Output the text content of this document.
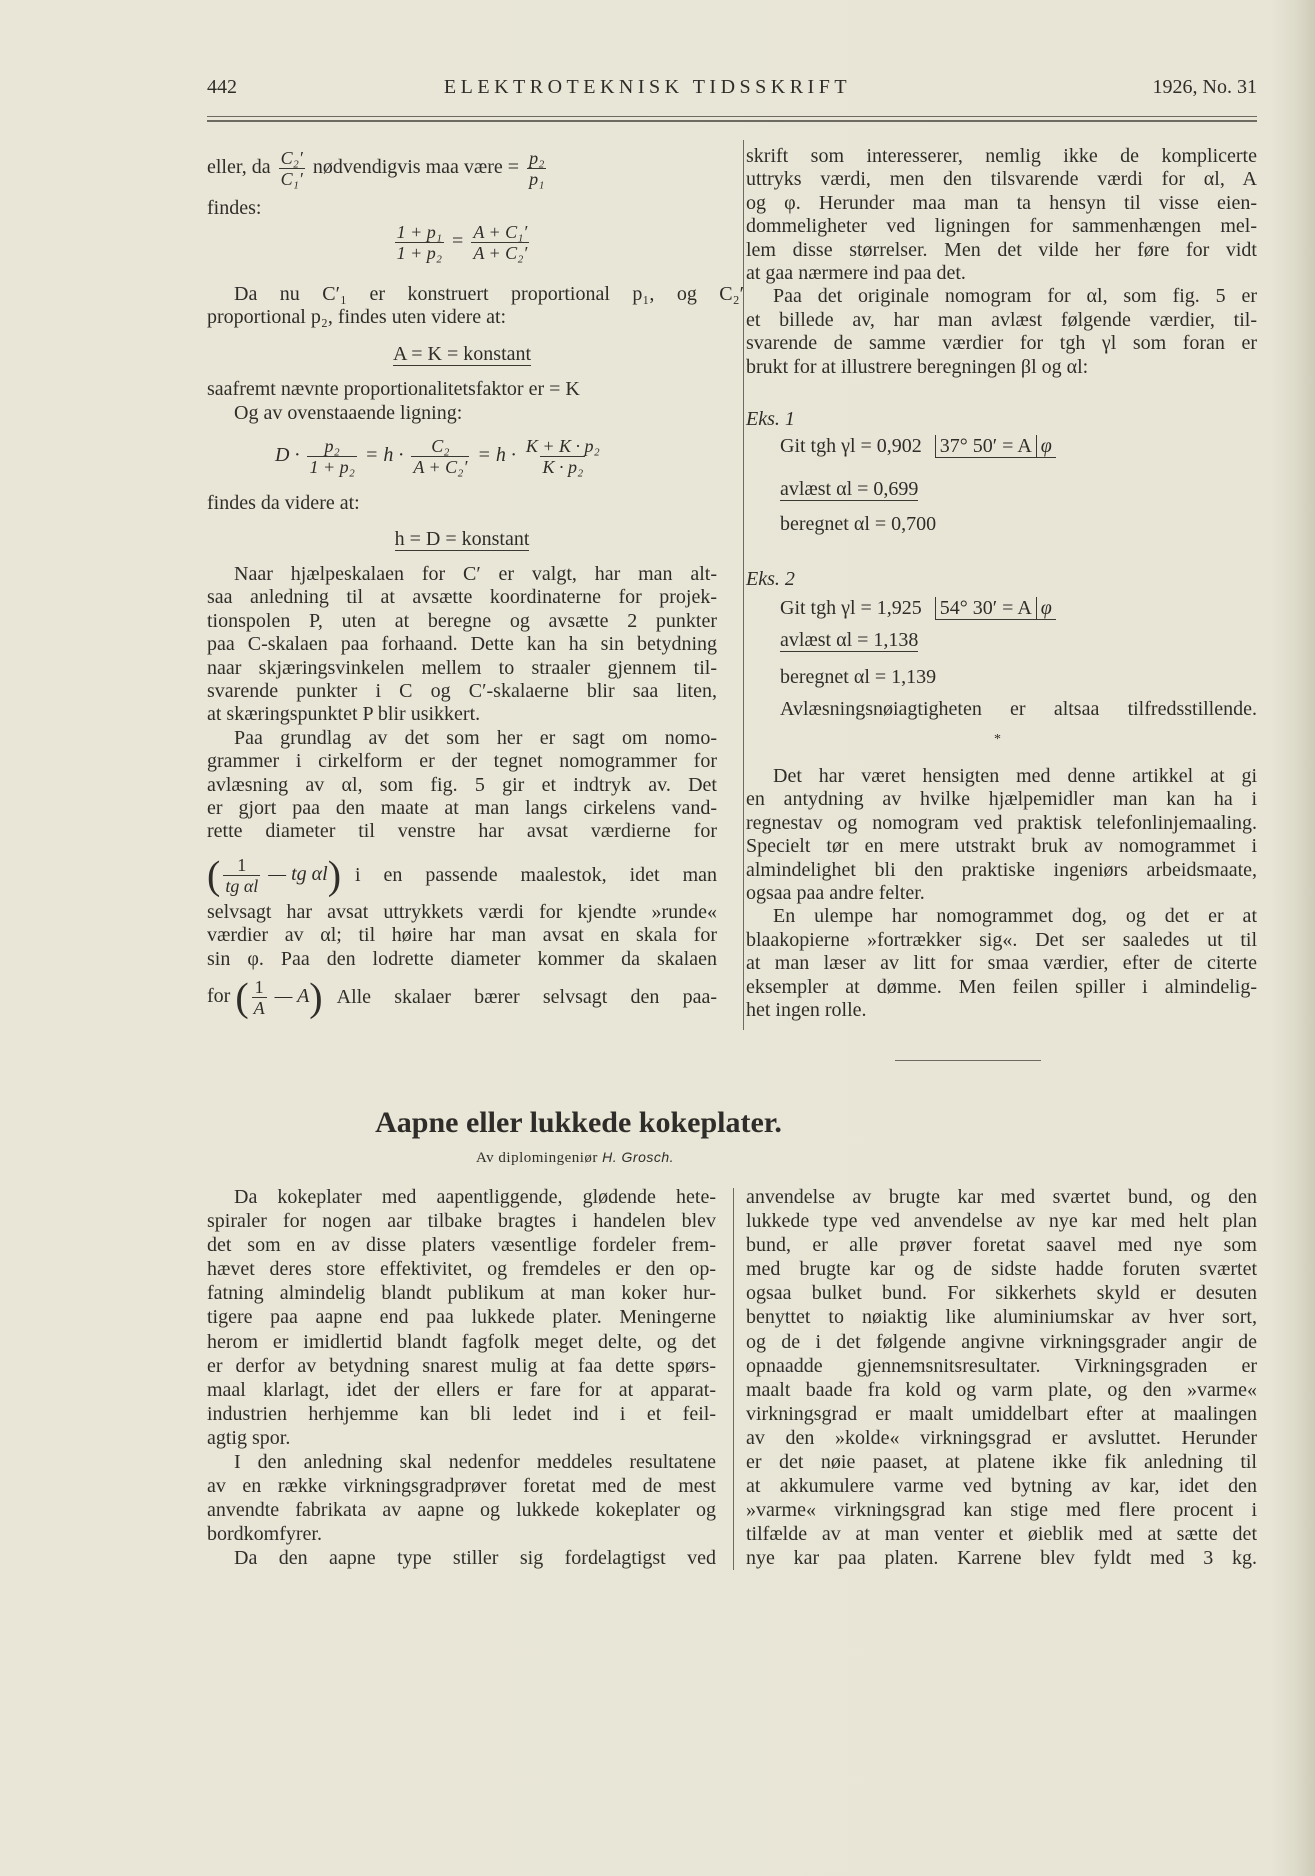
442	ELEKTROTEKNISK TIDSSKRIFT	1926, No. 31
eller, da $\frac{\text{C₂′}}{\text{C₁′}}$ nødvendigvis maa være = $\frac{\text{p₂}}{\text{p₁}}$
findes:
$\frac{\text{1 + p₁}}{\text{1 + p₂}} = \frac{\text{A + C₁′}}{\text{A + C₂′}}$
Da nu C′₁ er konstruert proportional p₁, og C₂′
proportional p₂, findes uten videre at:
A = K = konstant
saafremt nævnte proportionalitetsfaktor er = K
Og av ovenstaaende ligning:
$D \cdot \frac{\text{p₂}}{\text{1 + p₂}} = h \cdot \frac{\text{C₂}}{\text{A + C₂′}} = h \cdot \frac{\text{K + K · p₂}}{\text{K · p₂}}$
findes da videre at:
h = D = konstant
Naar hjælpeskalaen for C′ er valgt, har man alt-
saa anledning til at avsætte koordinaterne for projek-
tionspolen P, uten at beregne og avsætte 2 punkter
paa C-skalaen paa forhaand. Dette kan ha sin betydning
naar skjæringsvinkelen mellem to straaler gjennem til-
svarende punkter i C og C′-skalaerne blir saa liten,
at skæringspunktet P blir usikkert.
Paa grundlag av det som her er sagt om nomo-
grammer i cirkelform er der tegnet nomogrammer for
avlæsning av αl, som fig. 5 gir et indtryk av. Det
er gjort paa den maate at man langs cirkelens vand-
rette diameter til venstre har avsat værdierne for
( $\frac{1}{\text{tg αl}}$ — tg αl) i en passende maalestok, idet man
selvsagt har avsat uttrykkets værdi for kjendte »runde«
værdier av αl; til høire har man avsat en skala for
sin φ. Paa den lodrette diameter kommer da skalaen
for ( $\frac{1}{A}$ — A) Alle skalaer bærer selvsagt den paa-
skrift som interesserer, nemlig ikke de komplicerte
uttryks værdi, men den tilsvarende værdi for αl, A
og φ. Herunder maa man ta hensyn til visse eien-
dommeligheter ved ligningen for sammenhængen mel-
lem disse størrelser. Men det vilde her føre for vidt
at gaa nærmere ind paa det.
Paa det originale nomogram for αl, som fig. 5 er
et billede av, har man avlæst følgende værdier, til-
svarende de samme værdier for tgh γl som foran er
brukt for at illustrere beregningen βl og αl:
Eks. 1
Git tgh γl = 0,902 37° 50′ = A φ
avlæst αl = 0,699
beregnet αl = 0,700
Eks. 2
Git tgh γl = 1,925 54° 30′ = A φ
avlæst αl = 1,138
beregnet αl = 1,139
Avlæsningsnøiagtigheten er altsaa tilfredsstillende.
*
Det har været hensigten med denne artikkel at gi
en antydning av hvilke hjælpemidler man kan ha i
regnestav og nomogram ved praktisk telefonlinjemaaling.
Specielt tør en mere utstrakt bruk av nomogrammet i
almindelighet bli den praktiske ingeniørs arbeidsmaate,
ogsaa paa andre felter.
En ulempe har nomogrammet dog, og det er at
blaakopierne »fortrækker sig«. Det ser saaledes ut til
at man læser av litt for smaa værdier, efter de citerte
eksempler at dømme. Men feilen spiller i almindelig-
het ingen rolle.
Aapne eller lukkede kokeplater.
Av diplomingeniør H. Grosch.
Da kokeplater med aapentliggende, glødende hete-
spiraler for nogen aar tilbake bragtes i handelen blev
det som en av disse platers væsentlige fordeler frem-
hævet deres store effektivitet, og fremdeles er den op-
fatning almindelig blandt publikum at man koker hur-
tigere paa aapne end paa lukkede plater. Meningerne
herom er imidlertid blandt fagfolk meget delte, og det
er derfor av betydning snarest mulig at faa dette spørs-
maal klarlagt, idet der ellers er fare for at apparat-
industrien herhjemme kan bli ledet ind i et feil-
agtig spor.
I den anledning skal nedenfor meddeles resultatene
av en række virkningsgradprøver foretat med de mest
anvendte fabrikata av aapne og lukkede kokeplater og
bordkomfyrer.
Da den aapne type stiller sig fordelagtigst ved
anvendelse av brugte kar med sværtet bund, og den
lukkede type ved anvendelse av nye kar med helt plan
bund, er alle prøver foretat saavel med nye som
med brugte kar og de sidste hadde foruten sværtet
ogsaa bulket bund. For sikkerhets skyld er desuten
benyttet to nøiaktig like aluminiumskar av hver sort,
og de i det følgende angivne virkningsgrader angir de
opnaadde gjennemsnitsresultater. Virkningsgraden er
maalt baade fra kold og varm plate, og den »varme«
virkningsgrad er maalt umiddelbart efter at maalingen
av den »kolde« virkningsgrad er avsluttet. Herunder
er det nøie paaset, at platene ikke fik anledning til
at akkumulere varme ved bytning av kar, idet den
»varme« virkningsgrad kan stige med flere procent i
tilfælde av at man venter et øieblik med at sætte det
nye kar paa platen. Karrene blev fyldt med 3 kg.
